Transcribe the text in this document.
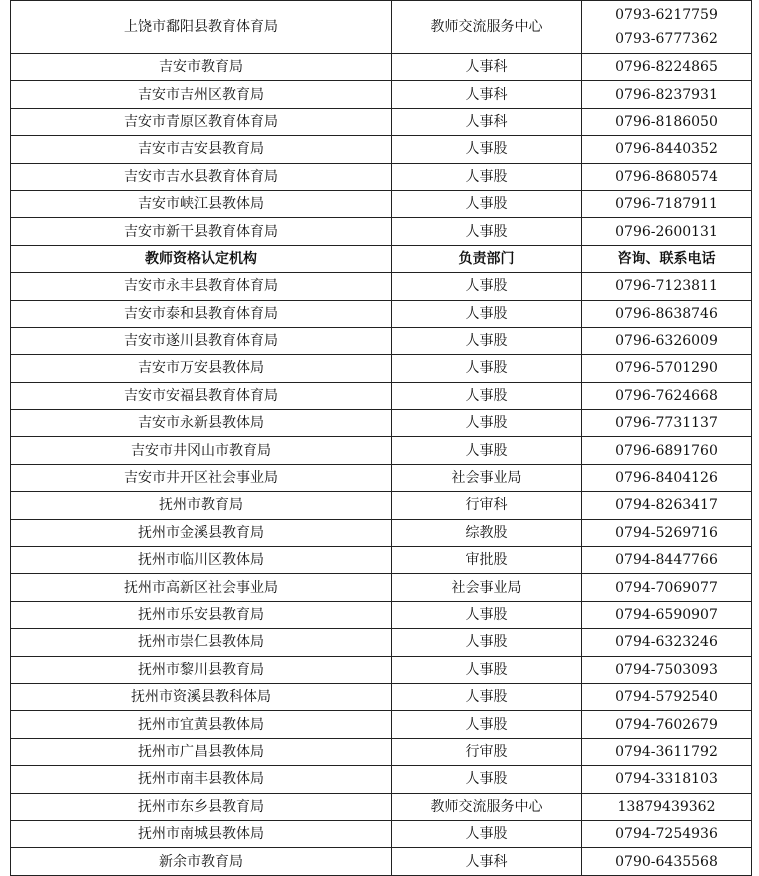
上饶市鄱阳县教育体育局	教师交流服务中心	0793-6217759
0793-6777362

吉安市教育局	人事科	0796-8224865
吉安市吉州区教育局	人事科	0796-8237931
吉安市青原区教育体育局	人事科	0796-8186050
吉安市吉安县教育局	人事股	0796-8440352
吉安市吉水县教育体育局	人事股	0796-8680574
吉安市峡江县教体局	人事股	0796-7187911
吉安市新干县教育体育局	人事股	0796-2600131
教师资格认定机构	负责部门	咨询、联系电话
吉安市永丰县教育体育局	人事股	0796-7123811
吉安市泰和县教育体育局	人事股	0796-8638746
吉安市遂川县教育体育局	人事股	0796-6326009
吉安市万安县教体局	人事股	0796-5701290
吉安市安福县教育体育局	人事股	0796-7624668
吉安市永新县教体局	人事股	0796-7731137
吉安市井冈山市教育局	人事股	0796-6891760
吉安市井开区社会事业局	社会事业局	0796-8404126
抚州市教育局	行审科	0794-8263417
抚州市金溪县教育局	综教股	0794-5269716
抚州市临川区教体局	审批股	0794-8447766
抚州市高新区社会事业局	社会事业局	0794-7069077
抚州市乐安县教育局	人事股	0794-6590907
抚州市崇仁县教体局	人事股	0794-6323246
抚州市黎川县教育局	人事股	0794-7503093
抚州市资溪县教科体局	人事股	0794-5792540
抚州市宜黄县教体局	人事股	0794-7602679
抚州市广昌县教体局	行审股	0794-3611792
抚州市南丰县教体局	人事股	0794-3318103
抚州市东乡县教育局	教师交流服务中心	13879439362
抚州市南城县教体局	人事股	0794-7254936
新余市教育局	人事科	0790-6435568
